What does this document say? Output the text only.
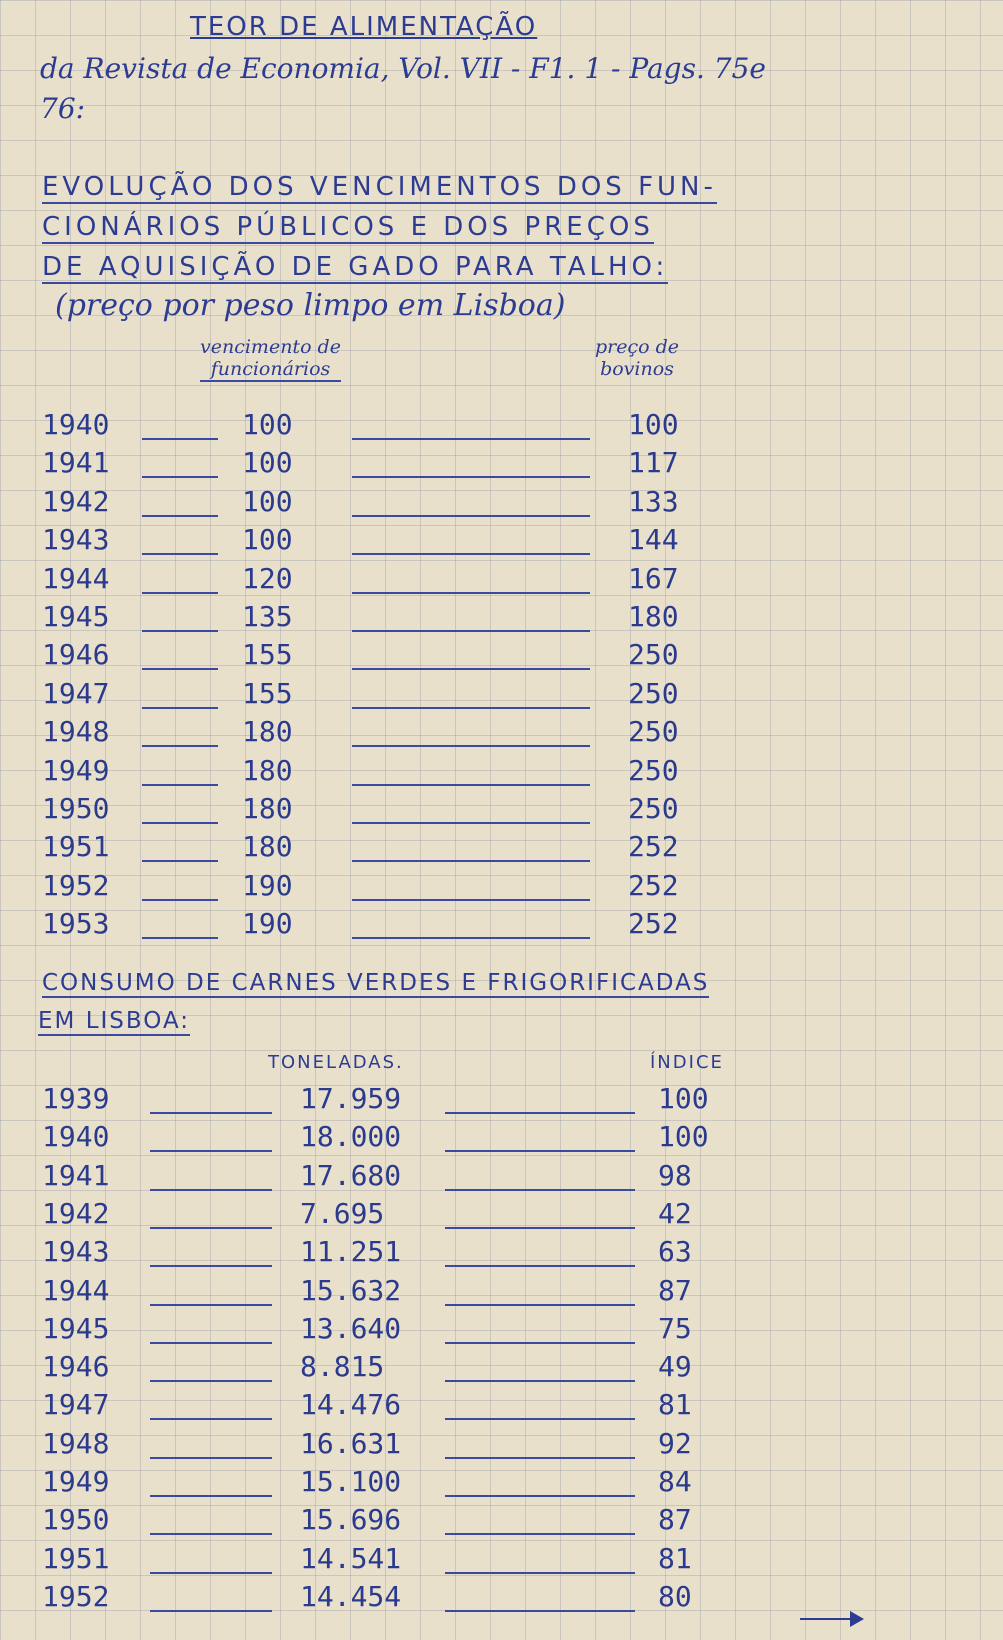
TEOR DE ALIMENTAÇÃO
da Revista de Economia, Vol. VII - F1. 1 - Pags. 75e
76:
EVOLUÇÃO DOS VENCIMENTOS DOS FUN-
CIONÁRIOS PÚBLICOS E DOS PREÇOS
DE AQUISIÇÃO DE GADO PARA TALHO:
(preço por peso limpo em Lisboa)
vencimento de
funcionários
preço de
bovinos
1940	100	100
1941	100	117
1942	100	133
1943	100	144
1944	120	167
1945	135	180
1946	155	250
1947	155	250
1948	180	250
1949	180	250
1950	180	250
1951	180	252
1952	190	252
1953	190	252
CONSUMO DE CARNES VERDES E FRIGORIFICADAS
EM LISBOA:
TONELADAS.	ÍNDICE
1939	17.959	100
1940	18.000	100
1941	17.680	98
1942	7.695	42
1943	11.251	63
1944	15.632	87
1945	13.640	75
1946	8.815	49
1947	14.476	81
1948	16.631	92
1949	15.100	84
1950	15.696	87
1951	14.541	81
1952	14.454	80
